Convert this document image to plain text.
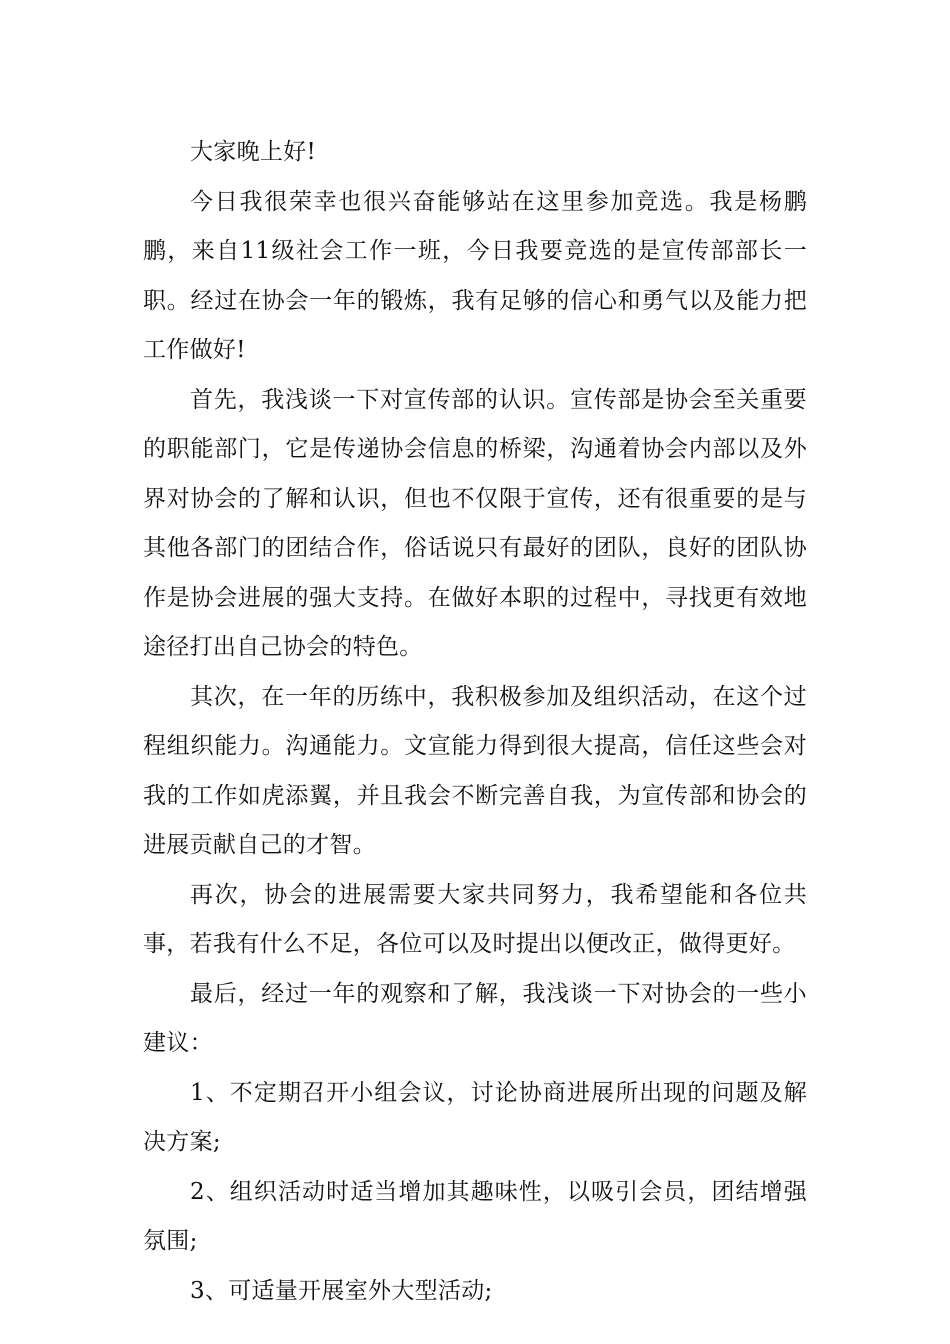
大家晚上好!

今日我很荣幸也很兴奋能够站在这里参加竞选。我是杨鹏鹏，来自11级社会工作一班，今日我要竞选的是宣传部部长一职。经过在协会一年的锻炼，我有足够的信心和勇气以及能力把工作做好!

首先，我浅谈一下对宣传部的认识。宣传部是协会至关重要的职能部门，它是传递协会信息的桥梁，沟通着协会内部以及外界对协会的了解和认识，但也不仅限于宣传，还有很重要的是与其他各部门的团结合作，俗话说只有最好的团队，良好的团队协作是协会进展的强大支持。在做好本职的过程中，寻找更有效地途径打出自己协会的特色。

其次，在一年的历练中，我积极参加及组织活动，在这个过程组织能力。沟通能力。文宣能力得到很大提高，信任这些会对我的工作如虎添翼，并且我会不断完善自我，为宣传部和协会的进展贡献自己的才智。

再次，协会的进展需要大家共同努力，我希望能和各位共事，若我有什么不足，各位可以及时提出以便改正，做得更好。

最后，经过一年的观察和了解，我浅谈一下对协会的一些小建议：

1、不定期召开小组会议，讨论协商进展所出现的问题及解决方案;

2、组织活动时适当增加其趣味性，以吸引会员，团结增强氛围;

3、可适量开展室外大型活动;
